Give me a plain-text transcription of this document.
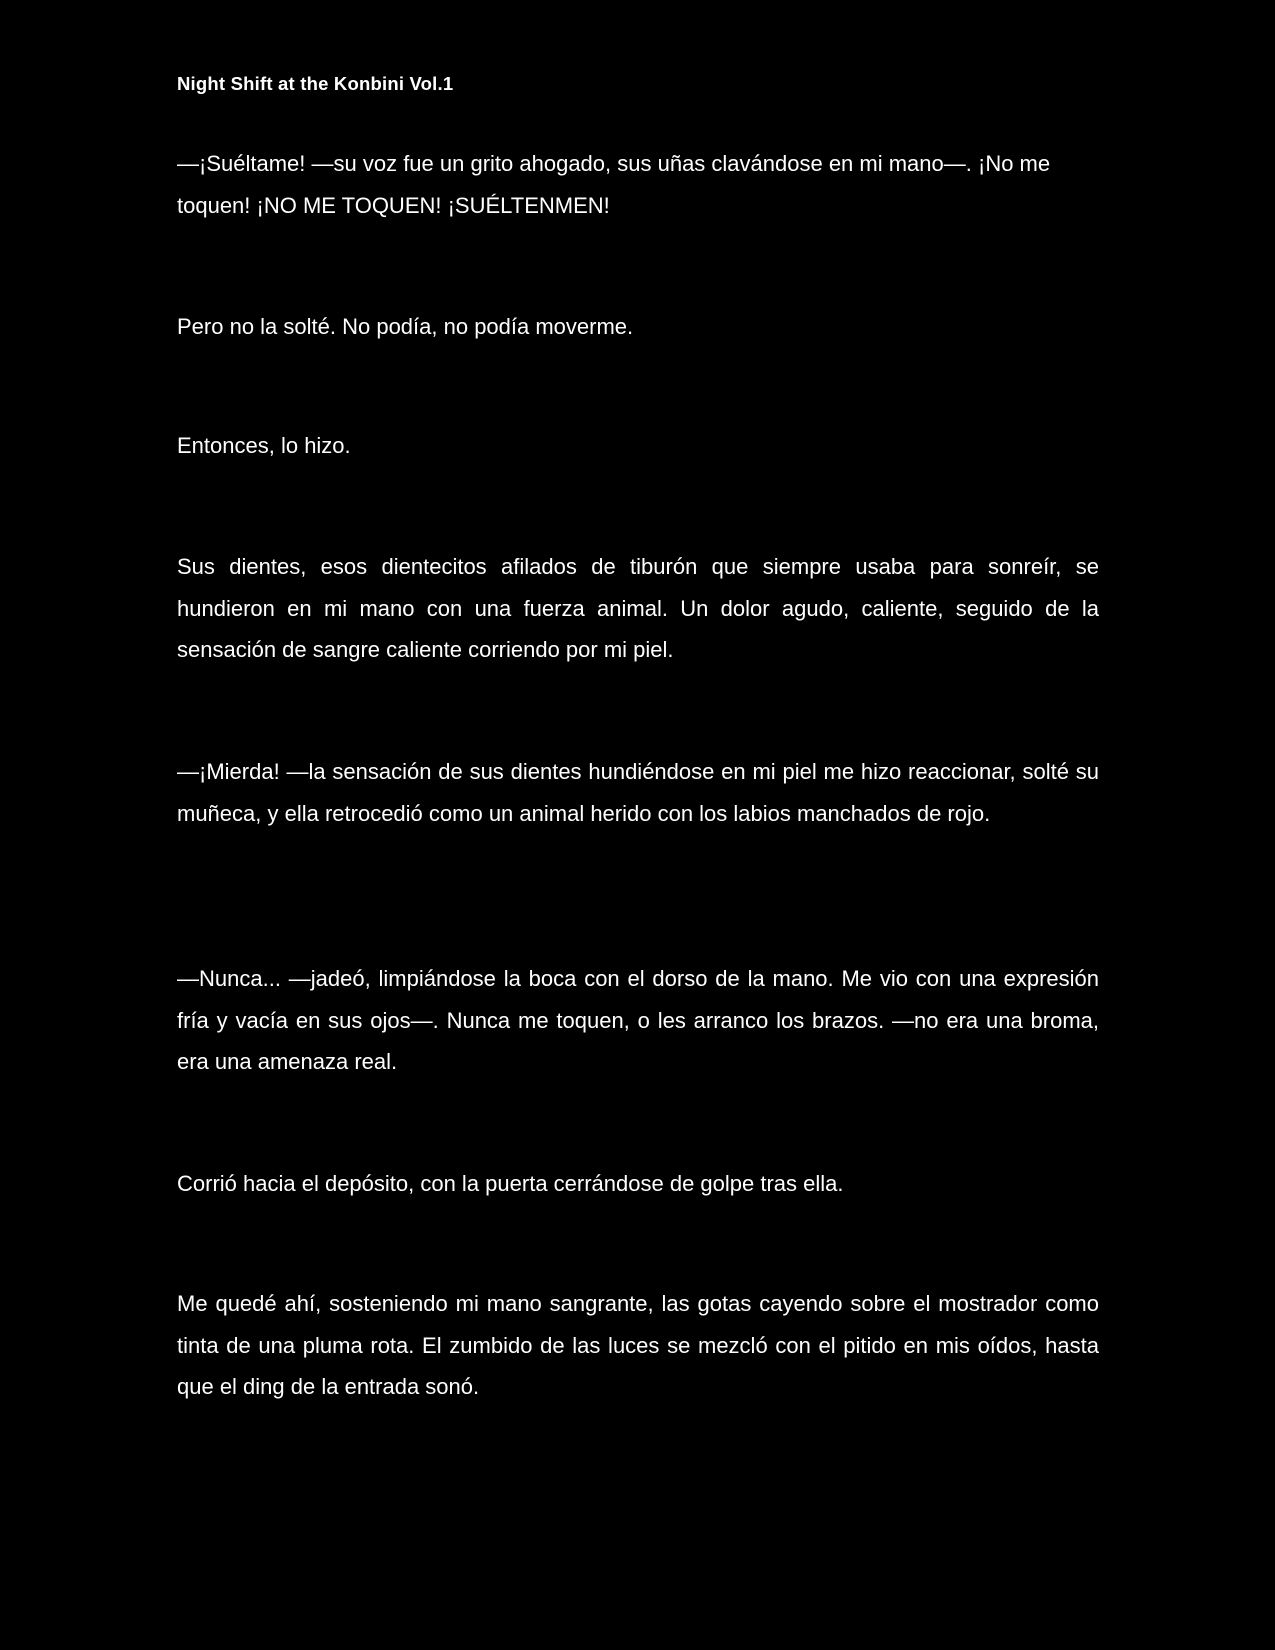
Night Shift at the Konbini Vol.1

—¡Suéltame! —su voz fue un grito ahogado, sus uñas clavándose en mi mano—. ¡No me toquen! ¡NO ME TOQUEN! ¡SUÉLTENMEN!

Pero no la solté. No podía, no podía moverme.

Entonces, lo hizo.

Sus dientes, esos dientecitos afilados de tiburón que siempre usaba para sonreír, se hundieron en mi mano con una fuerza animal. Un dolor agudo, caliente, seguido de la sensación de sangre caliente corriendo por mi piel.

—¡Mierda! —la sensación de sus dientes hundiéndose en mi piel me hizo reaccionar, solté su muñeca, y ella retrocedió como un animal herido con los labios manchados de rojo.

—Nunca... —jadeó, limpiándose la boca con el dorso de la mano. Me vio con una expresión fría y vacía en sus ojos—. Nunca me toquen, o les arranco los brazos. —no era una broma, era una amenaza real.

Corrió hacia el depósito, con la puerta cerrándose de golpe tras ella.

Me quedé ahí, sosteniendo mi mano sangrante, las gotas cayendo sobre el mostrador como tinta de una pluma rota. El zumbido de las luces se mezcló con el pitido en mis oídos, hasta que el ding de la entrada sonó.
